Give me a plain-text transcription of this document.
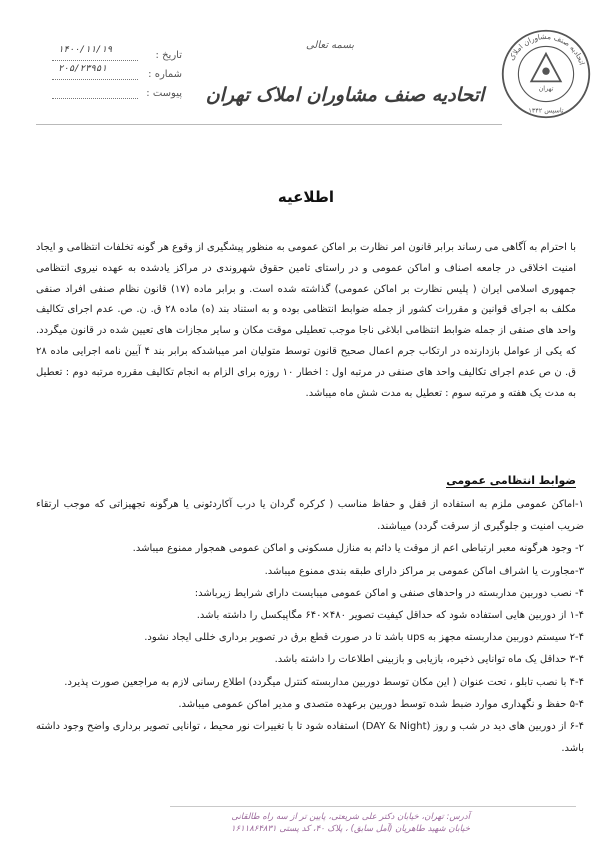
اتحادیه صنف مشاوران املاک
تهران
تاسیس ۱۳۴۲
بسمه تعالی
اتحادیه صنف مشاوران املاک تهران
۱۴۰۰/۱۱/۱۹	تاریخ :
۲۰۵/۲۳۹۵۱	شماره :
پیوست :
اطلاعیه

با احترام به آگاهی می رساند برابر قانون امر نظارت بر اماکن عمومی به منظور پیشگیری از وقوع هر گونه تخلفات انتظامی و ایجاد امنیت اخلاقی در جامعه اصناف و اماکن عمومی و در راستای تامین حقوق شهروندی در مراکز یادشده به عهده نیروی انتظامی جمهوری اسلامی ایران ( پلیس نظارت بر اماکن عمومی) گذاشته شده است. و برابر ماده (۱۷) قانون نظام صنفی افراد صنفی مکلف به اجرای قوانین و مقررات کشور از جمله ضوابط انتظامی بوده و به استناد بند (ه) ماده ۲۸ ق. ن. ص. عدم اجرای تکالیف واحد های صنفی از جمله ضوابط انتظامی ابلاغی ناجا موجب تعطیلی موقت مکان و سایر مجازات های تعیین شده در قانون میگردد. که یکی از عوامل بازدارنده در ارتکاب جرم اعمال صحیح قانون توسط متولیان امر میباشدکه برابر بند ۴ آیین نامه اجرایی ماده ۲۸ ق. ن ص عدم اجرای تکالیف واحد های صنفی در مرتبه اول : اخطار ۱۰ روزه برای الزام به انجام تکالیف مقرره مرتبه دوم : تعطیل به مدت یک هفته و مرتبه سوم : تعطیل به مدت شش ماه میباشد.

ضوابط انتظامی عمومی

۱-اماکن عمومی ملزم به استفاده از قفل و حفاظ مناسب ( کرکره گردان یا درب آکاردئونی یا هرگونه تجهیزاتی که موجب ارتقاء ضریب امنیت و جلوگیری از سرقت گردد) میباشند.

۲- وجود هرگونه معبر ارتباطی اعم از موقت یا دائم به منازل مسکونی و اماکن عمومی همجوار ممنوع میباشد.

۳-مجاورت یا اشراف اماکن عمومی بر مراکز دارای طبقه بندی ممنوع میباشد.

۴- نصب دوربین مداربسته در واحدهای صنفی و اماکن عمومی میبایست دارای شرایط زیرباشد:

۱-۴ از دوربین هایی استفاده شود که حداقل کیفیت تصویر ۴۸۰×۶۴۰ مگاپیکسل را داشته باشد.

۲-۴ سیستم دوربین مداربسته مجهز به ups باشد تا در صورت قطع برق در تصویر برداری خللی ایجاد نشود.

۳-۴ حداقل یک ماه توانایی ذخیره، بازیابی و بازبینی اطلاعات را داشته باشد.

۴-۴ با نصب تابلو ، تحت عنوان ( این مکان توسط دوربین مداربسته کنترل میگردد) اطلاع رسانی لازم به مراجعین صورت پذیرد.

۵-۴ حفظ و نگهداری موارد ضبط شده توسط دوربین برعهده متصدی و مدیر اماکن عمومی میباشد.

۶-۴ از دوربین های دید در شب و روز (DAY & Night) استفاده شود تا با تغییرات نور محیط ، توانایی تصویر برداری واضح وجود داشته باشد.

آدرس: تهران، خیابان دکتر علی شریعتی، پایین تر از سه راه طالقانی

خیابان شهید طاهریان (آمل سابق) ، پلاک ۴۰، کد پستی ۱۶۱۱۸۶۴۸۳۱
